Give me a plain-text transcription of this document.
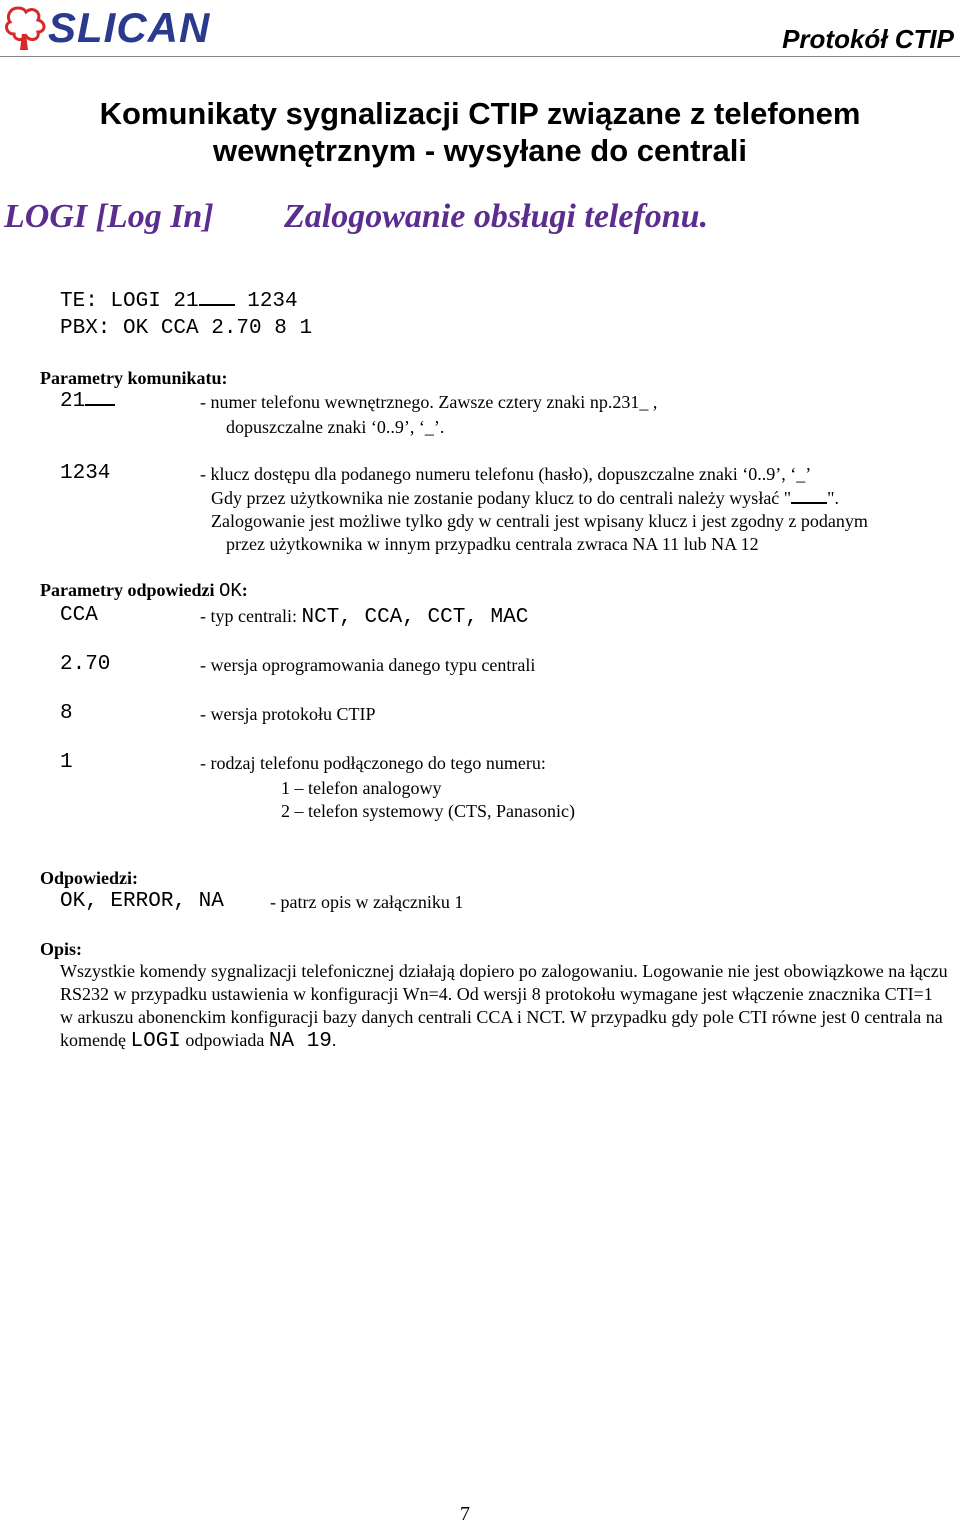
SLICAN	Protokół CTIP
Komunikaty sygnalizacji CTIP związane z telefonem
wewnętrznym - wysyłane do centrali
LOGI [Log In] Zalogowanie obsługi telefonu.
TE: LOGI 21 1234
PBX: OK CCA 2.70 8 1
Parametry komunikatu:
21	- numer telefonu wewnętrznego. Zawsze cztery znaki np.231_ ,
dopuszczalne znaki ‘0..9’, ‘_’.
1234	- klucz dostępu dla podanego numeru telefonu (hasło), dopuszczalne znaki ‘0..9’, ‘_’
Gdy przez użytkownika nie zostanie podany klucz to do centrali należy wysłać " ".
Zalogowanie jest możliwe tylko gdy w centrali jest wpisany klucz i jest zgodny z podanym
przez użytkownika w innym przypadku centrala zwraca NA 11 lub NA 12
Parametry odpowiedzi OK:
CCA	- typ centrali: NCT, CCA, CCT, MAC
2.70	- wersja oprogramowania danego typu centrali
8	- wersja protokołu CTIP
1	- rodzaj telefonu podłączonego do tego numeru:
1 – telefon analogowy
2 – telefon systemowy (CTS, Panasonic)
Odpowiedzi:
OK, ERROR, NA	- patrz opis w załączniku 1
Opis:
Wszystkie komendy sygnalizacji telefonicznej działają dopiero po zalogowaniu. Logowanie nie jest obowiązkowe na łączu RS232 w przypadku ustawienia w konfiguracji Wn=4. Od wersji 8 protokołu wymagane jest włączenie znacznika CTI=1 w arkuszu abonenckim konfiguracji bazy danych centrali CCA i NCT. W przypadku gdy pole CTI równe jest 0 centrala na komendę LOGI odpowiada NA 19.
7
